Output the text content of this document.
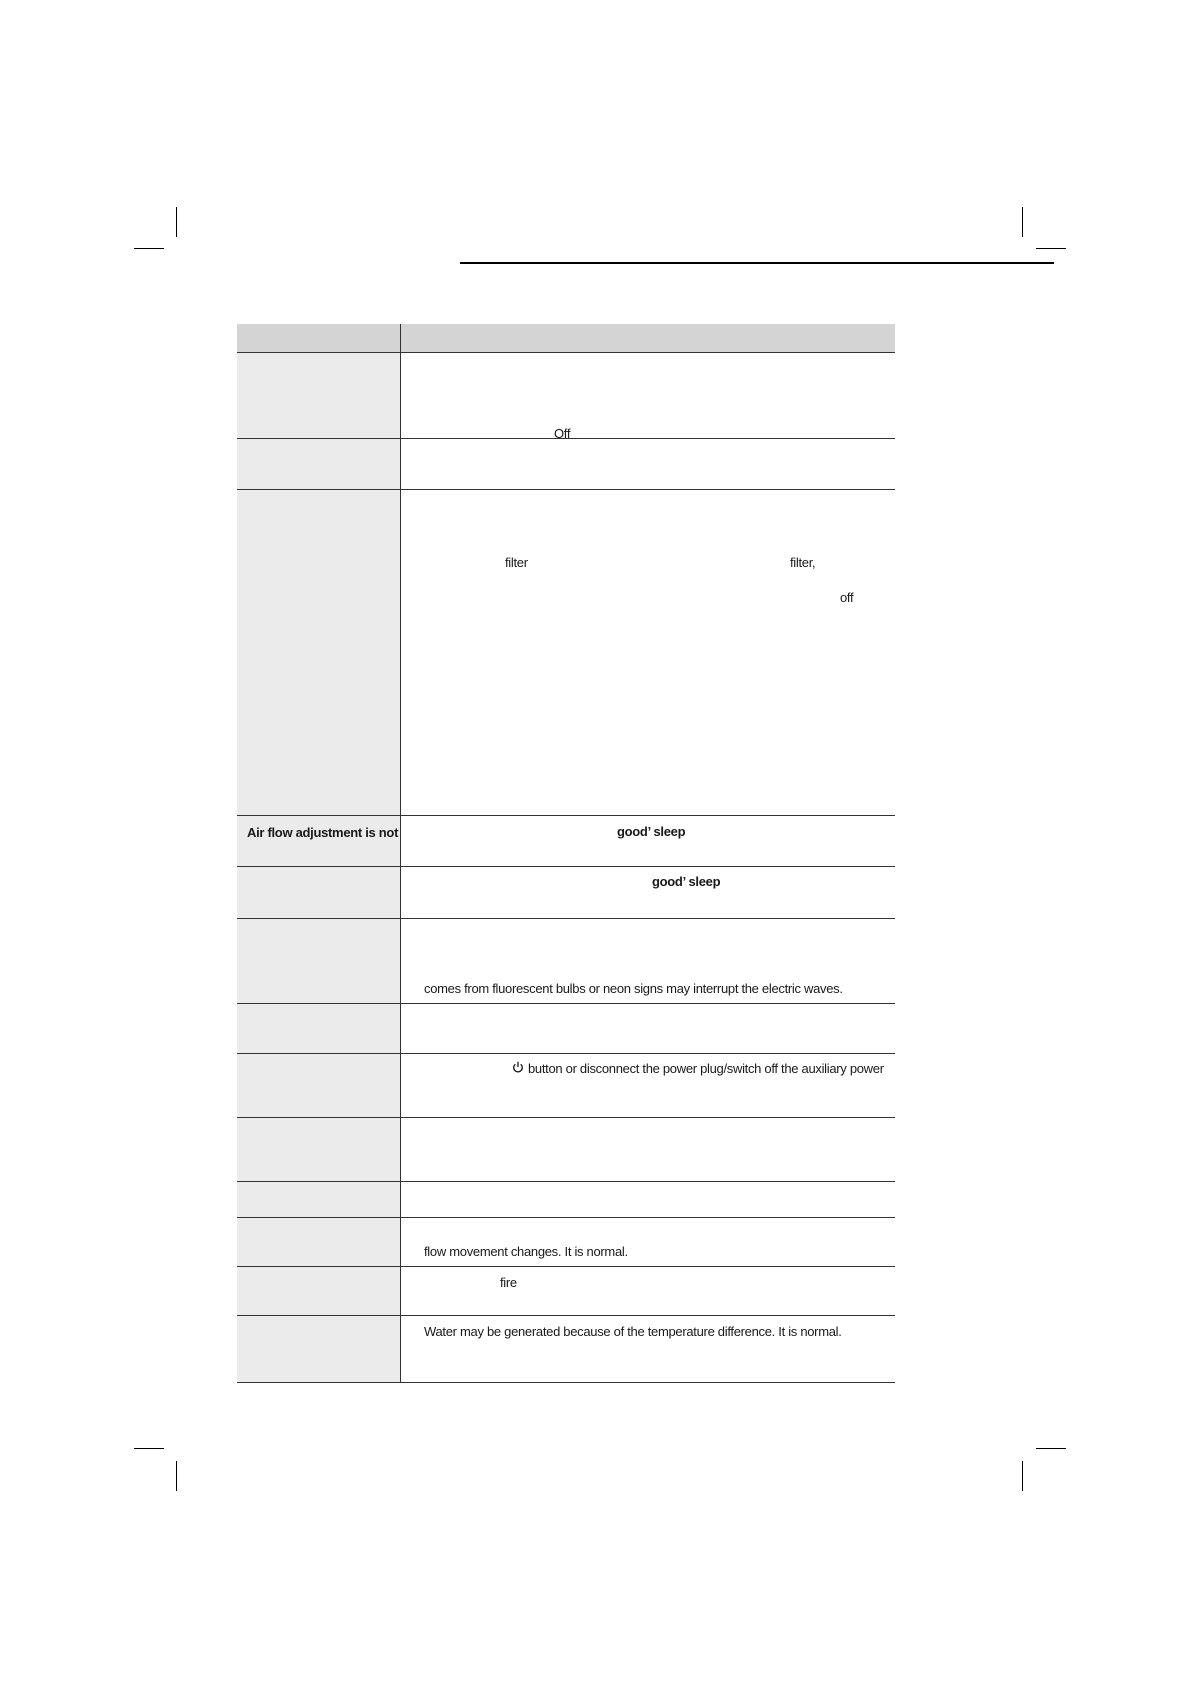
Off
filter	filter,
off
Air flow adjustment is not	good’ sleep
good’ sleep
comes from fluorescent bulbs or neon signs may interrupt the electric waves.
button or disconnect the power plug/switch off the auxiliary power
flow movement changes. It is normal.
fire
Water may be generated because of the temperature difference. It is normal.
